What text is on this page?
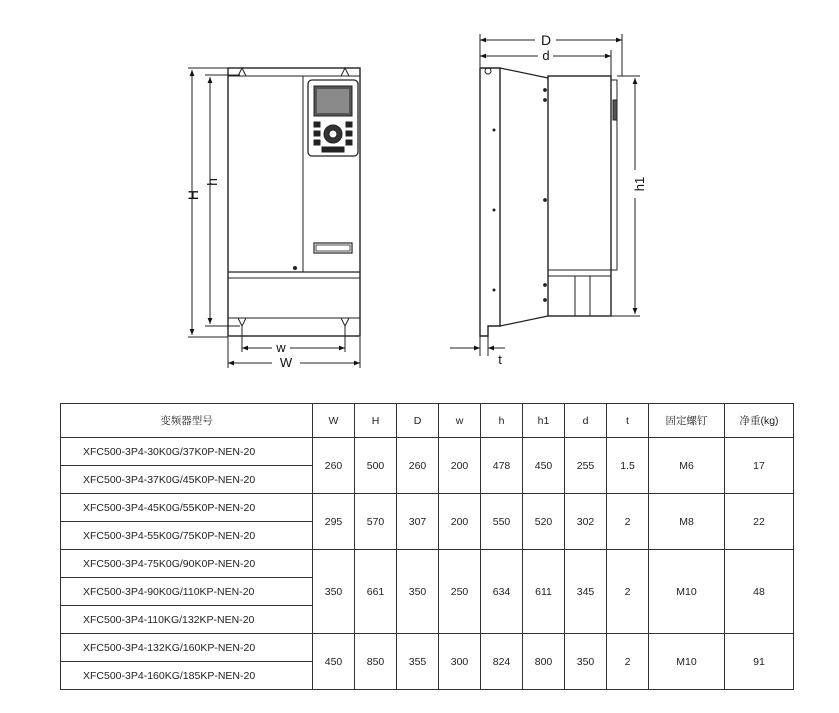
H
h
w
W
D
d
h1
t
变频器型号	W	H	D	w	h	h1	d	t	固定螺钉	净重(kg)
XFC500-3P4-30K0G/37K0P-NEN-20	260	500	260	200	478	450	255	1.5	M6	17
XFC500-3P4-37K0G/45K0P-NEN-20										
XFC500-3P4-45K0G/55K0P-NEN-20	295	570	307	200	550	520	302	2	M8	22
XFC500-3P4-55K0G/75K0P-NEN-20										
XFC500-3P4-75K0G/90K0P-NEN-20	350	661	350	250	634	611	345	2	M10	48
XFC500-3P4-90K0G/110KP-NEN-20										
XFC500-3P4-110KG/132KP-NEN-20										
XFC500-3P4-132KG/160KP-NEN-20	450	850	355	300	824	800	350	2	M10	91
XFC500-3P4-160KG/185KP-NEN-20										
